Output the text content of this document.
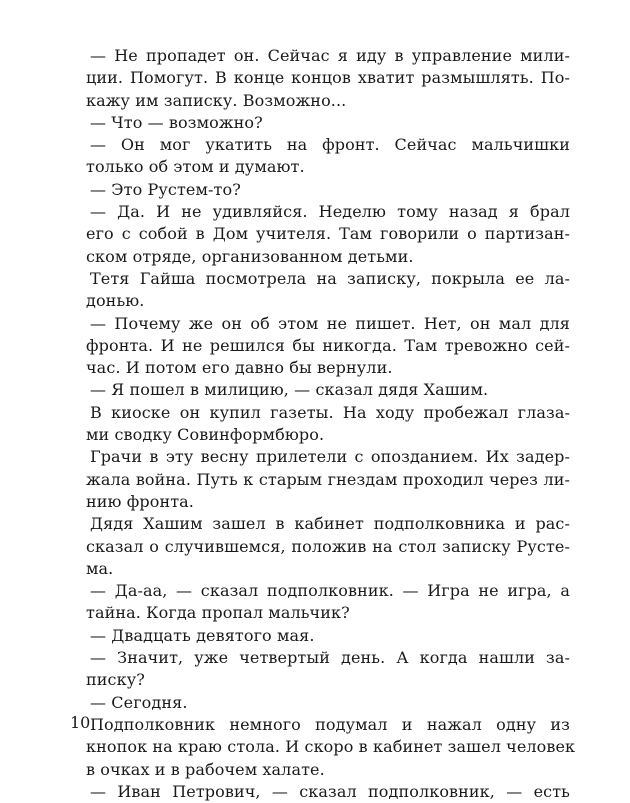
— Не пропадет он. Сейчас я иду в управление мили-
ции. Помогут. В конце концов хватит размышлять. По-
кажу им записку. Возможно...
— Что — возможно?
— Он мог укатить на фронт. Сейчас мальчишки
только об этом и думают.
— Это Рустем-то?
— Да. И не удивляйся. Неделю тому назад я брал
его с собой в Дом учителя. Там говорили о партизан-
ском отряде, организованном детьми.
Тетя Гайша посмотрела на записку, покрыла ее ла-
донью.
— Почему же он об этом не пишет. Нет, он мал для
фронта. И не решился бы никогда. Там тревожно сей-
час. И потом его давно бы вернули.
— Я пошел в милицию, — сказал дядя Хашим.
В киоске он купил газеты. На ходу пробежал глаза-
ми сводку Совинформбюро.
Грачи в эту весну прилетели с опозданием. Их задер-
жала война. Путь к старым гнездам проходил через ли-
нию фронта.
Дядя Хашим зашел в кабинет подполковника и рас-
сказал о случившемся, положив на стол записку Русте-
ма.
— Да-аа, — сказал подполковник. — Игра не игра, а
тайна. Когда пропал мальчик?
— Двадцать девятого мая.
— Значит, уже четвертый день. А когда нашли за-
писку?
— Сегодня.
Подполковник немного подумал и нажал одну из
кнопок на краю стола. И скоро в кабинет зашел человек
в очках и в рабочем халате.
— Иван Петрович, — сказал подполковник, — есть
10
